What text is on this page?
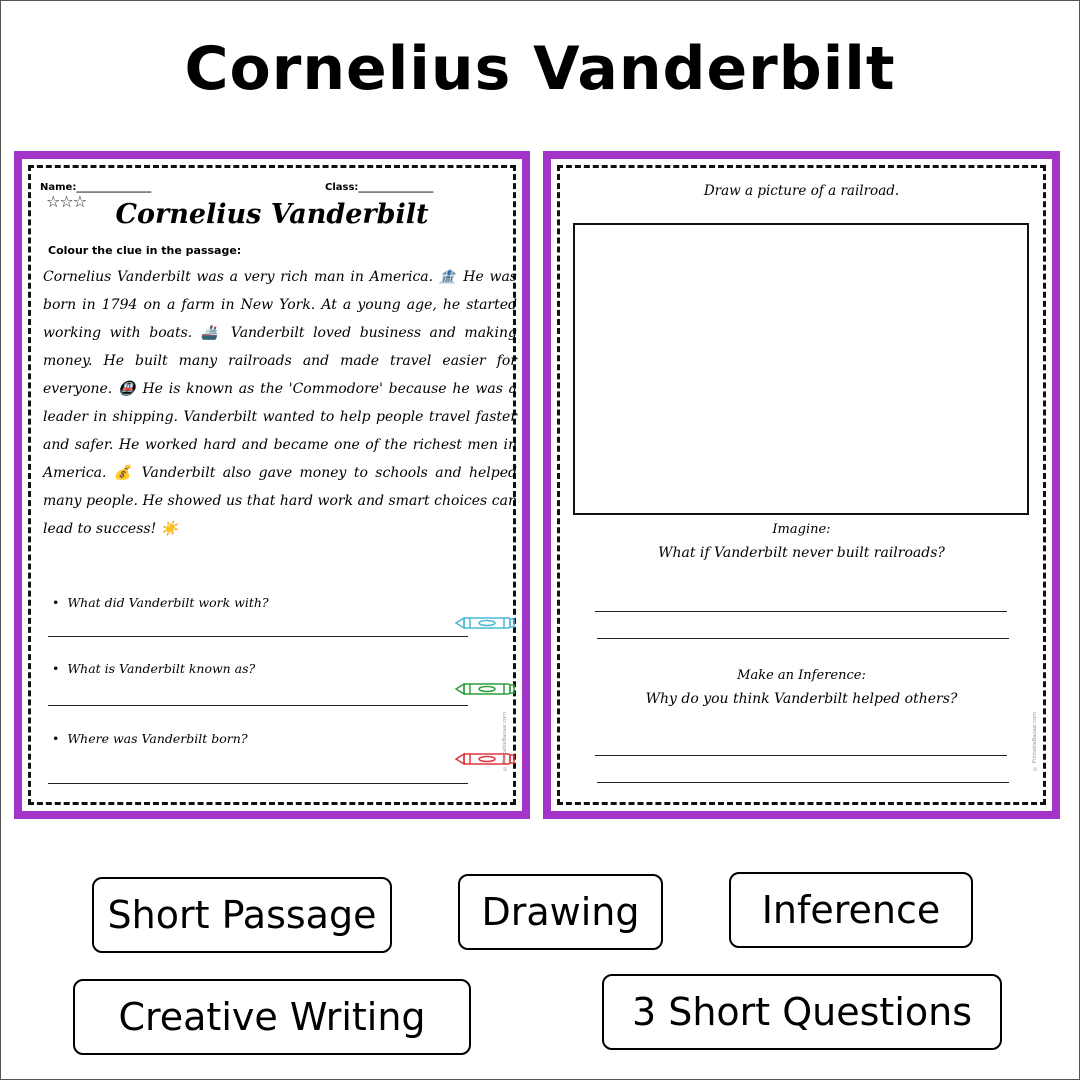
Cornelius Vanderbilt
Name:_______________	Class:_______________
☆☆☆	Cornelius Vanderbilt
Colour the clue in the passage:
Cornelius Vanderbilt was a very rich man in America. 🏦 He was born in 1794 on a farm in New York. At a young age, he started working with boats. 🚢 Vanderbilt loved business and making money. He built many railroads and made travel easier for everyone. 🚇 He is known as the 'Commodore' because he was a leader in shipping. Vanderbilt wanted to help people travel faster and safer. He worked hard and became one of the richest men in America. 💰 Vanderbilt also gave money to schools and helped many people. He showed us that hard work and smart choices can lead to success! ☀️
•  What did Vanderbilt work with?
•  What is Vanderbilt known as?
•  Where was Vanderbilt born?	© PrintableBazaar.com
Draw a picture of a railroad.
Imagine:
What if Vanderbilt never built railroads?
Make an Inference:
Why do you think Vanderbilt helped others?
© PrintableBazaar.com
Short Passage	Drawing	Inference
Creative Writing	3 Short Questions
